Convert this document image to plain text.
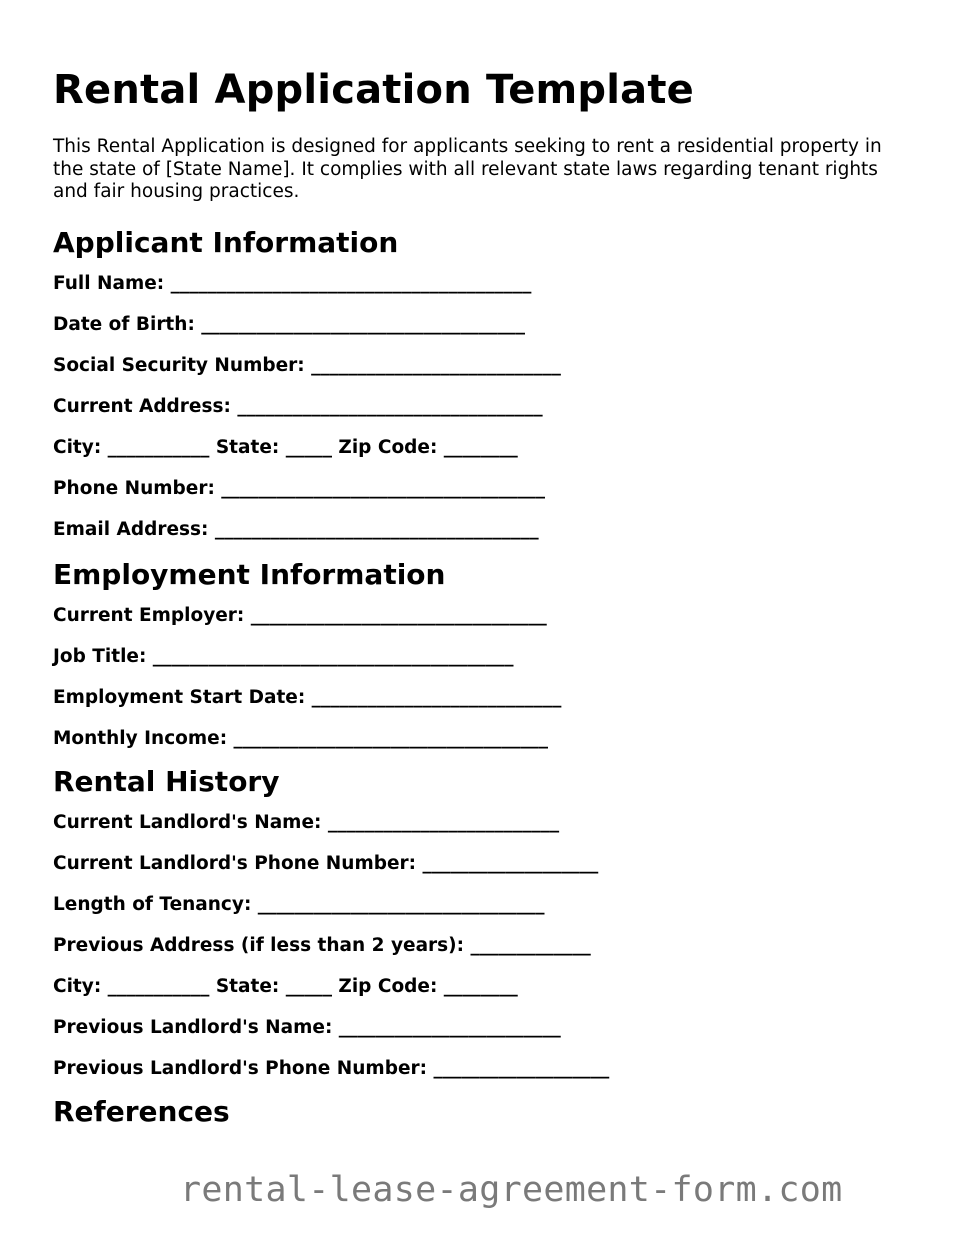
Rental Application Template

This Rental Application is designed for applicants seeking to rent a residential property in the state of [State Name]. It complies with all relevant state laws regarding tenant rights and fair housing practices.

Applicant Information
Full Name: _______________________________________
Date of Birth: ___________________________________
Social Security Number: ___________________________
Current Address: _________________________________
City: ___________ State: _____ Zip Code: ________
Phone Number: ___________________________________
Email Address: ___________________________________
Employment Information
Current Employer: ________________________________
Job Title: _______________________________________
Employment Start Date: ___________________________
Monthly Income: __________________________________
Rental History
Current Landlord's Name: _________________________
Current Landlord's Phone Number: ___________________
Length of Tenancy: _______________________________
Previous Address (if less than 2 years): _____________
City: ___________ State: _____ Zip Code: ________
Previous Landlord's Name: ________________________
Previous Landlord's Phone Number: ___________________
References
rental-lease-agreement-form.com
